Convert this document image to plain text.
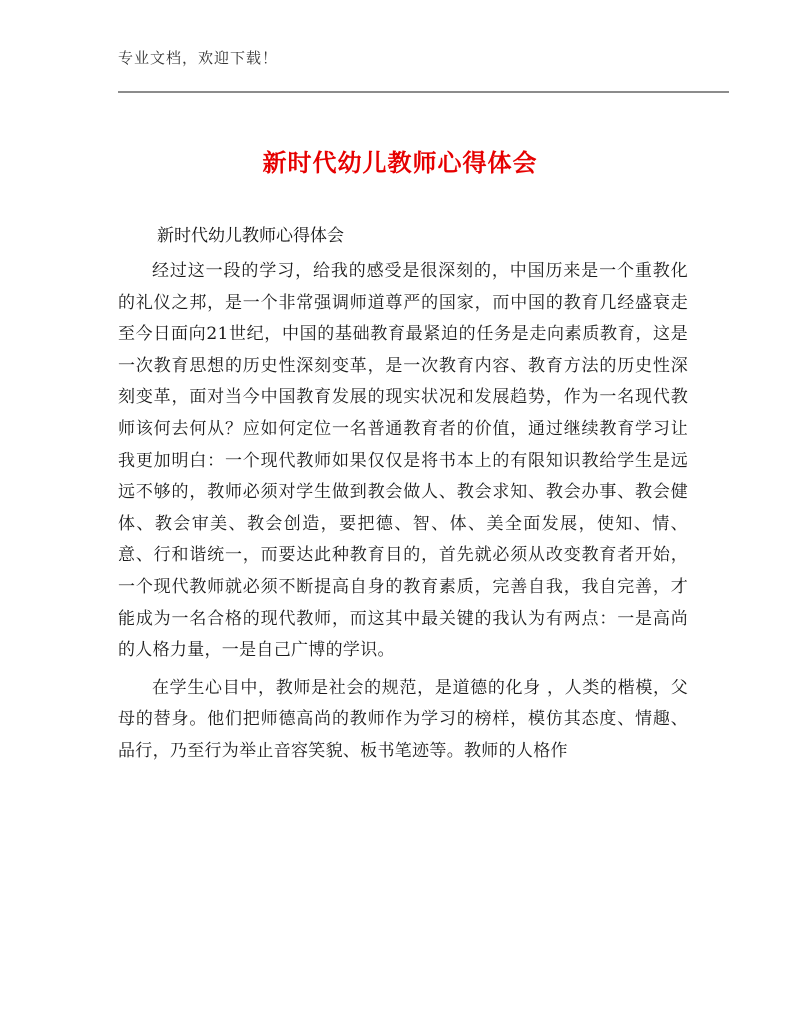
专业文档，欢迎下载！
新时代幼儿教师心得体会
新时代幼儿教师心得体会

经过这一段的学习，给我的感受是很深刻的，中国历来是一个重教化的礼仪之邦，是一个非常强调师道尊严的国家，而中国的教育几经盛衰走至今日面向21世纪，中国的基础教育最紧迫的任务是走向素质教育，这是一次教育思想的历史性深刻变革，是一次教育内容、教育方法的历史性深刻变革，面对当今中国教育发展的现实状况和发展趋势，作为一名现代教师该何去何从？应如何定位一名普通教育者的价值，通过继续教育学习让我更加明白：一个现代教师如果仅仅是将书本上的有限知识教给学生是远远不够的，教师必须对学生做到教会做人、教会求知、教会办事、教会健体、教会审美、教会创造，要把德、智、体、美全面发展，使知、情、意、行和谐统一，而要达此种教育目的，首先就必须从改变教育者开始，一个现代教师就必须不断提高自身的教育素质，完善自我，我自完善，才能成为一名合格的现代教师，而这其中最关键的我认为有两点：一是高尚 的人格力量，一是自己广博的学识。

在学生心目中，教师是社会的规范，是道德的化身 ，人类的楷模，父母的替身。他们把师德高尚的教师作为学习的榜样，模仿其态度、情趣、品行，乃至行为举止音容笑貌、板书笔迹等。教师的人格作
